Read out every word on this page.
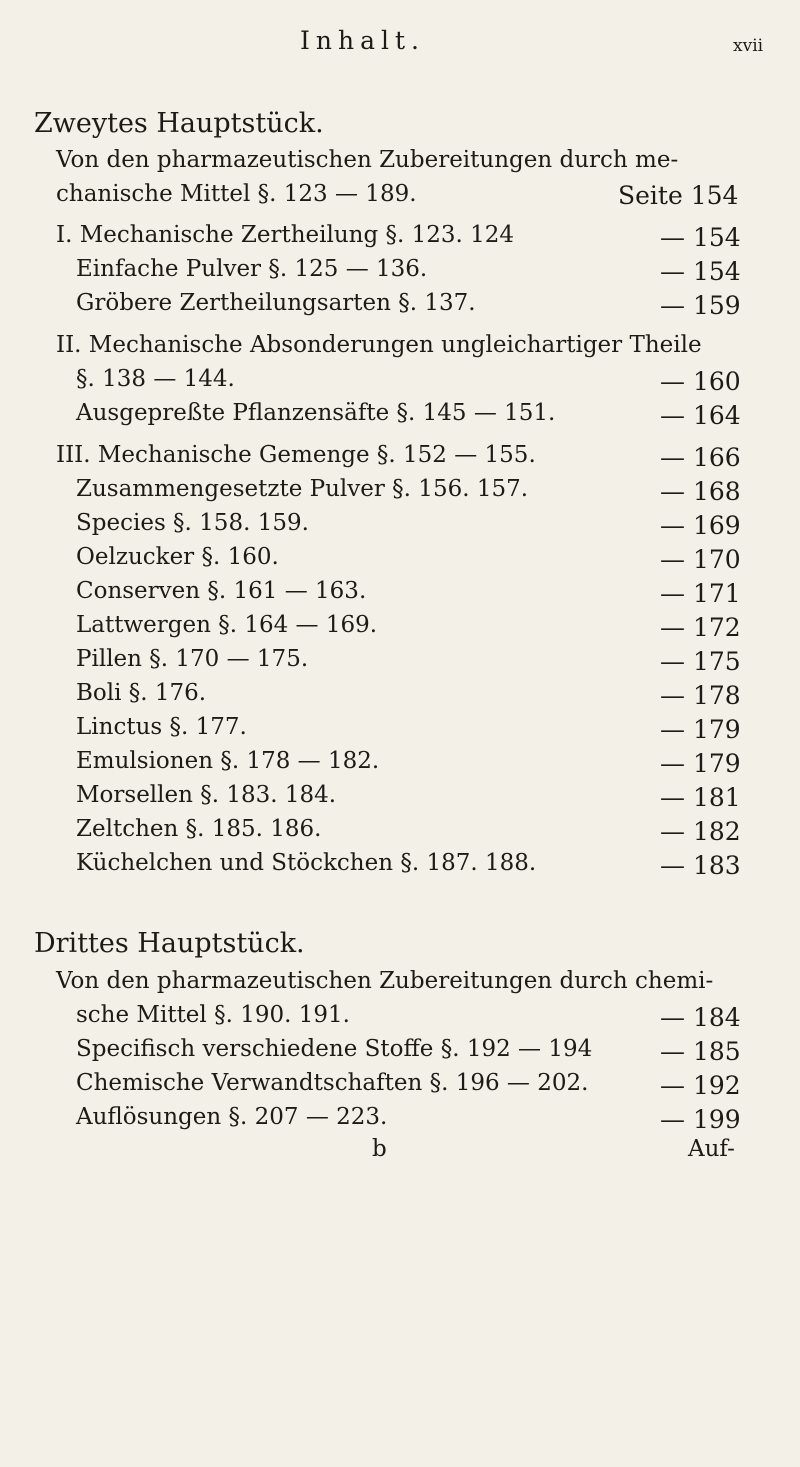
Inhalt.	xvii
Zweytes Hauptstück.
Von den pharmazeutischen Zubereitungen durch me-
chanische Mittel §. 123 — 189.	Seite 154
I. Mechanische Zertheilung §. 123. 124	— 154
Einfache Pulver §. 125 — 136.	— 154
Gröbere Zertheilungsarten §. 137.	— 159
II. Mechanische Absonderungen ungleichartiger Theile
§. 138 — 144.	— 160
Ausgepreßte Pflanzensäfte §. 145 — 151.	— 164
III. Mechanische Gemenge §. 152 — 155.	— 166
Zusammengesetzte Pulver §. 156. 157.	— 168
Species §. 158. 159.	— 169
Oelzucker §. 160.	— 170
Conserven §. 161 — 163.	— 171
Lattwergen §. 164 — 169.	— 172
Pillen §. 170 — 175.	— 175
Boli §. 176.	— 178
Linctus §. 177.	— 179
Emulsionen §. 178 — 182.	— 179
Morsellen §. 183. 184.	— 181
Zeltchen §. 185. 186.	— 182
Küchelchen und Stöckchen §. 187. 188.	— 183
Drittes Hauptstück.
Von den pharmazeutischen Zubereitungen durch chemi-
sche Mittel §. 190. 191.	— 184
Specifisch verschiedene Stoffe §. 192 — 194	— 185
Chemische Verwandtschaften §. 196 — 202.	— 192
Auflösungen §. 207 — 223.	— 199
b	Auf-
